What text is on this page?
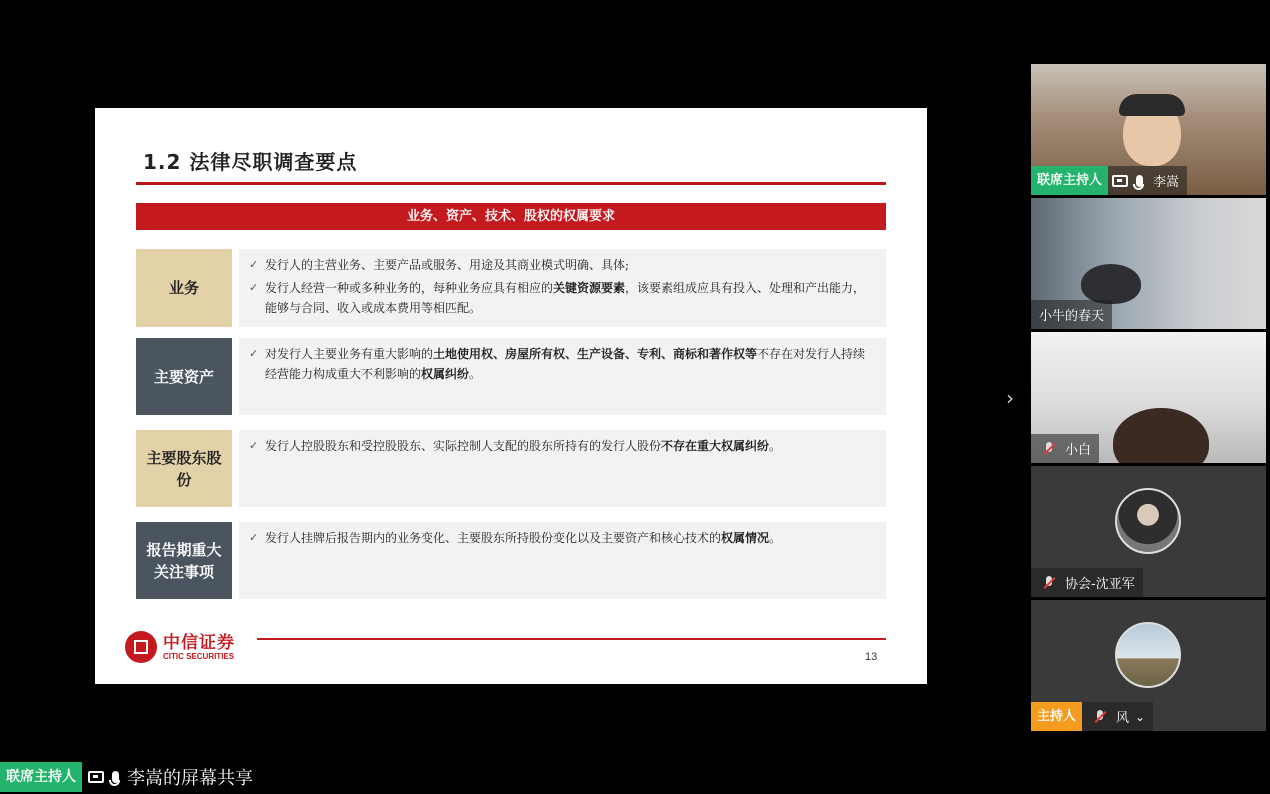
1.2 法律尽职调查要点
业务、资产、技术、股权的权属要求
业务
✓ 发行人的主营业务、主要产品或服务、用途及其商业模式明确、具体;
✓ 发行人经营一种或多种业务的，每种业务应具有相应的关键资源要素，该要素组成应具有投入、处理和产出能力，能够与合同、收入或成本费用等相匹配。
主要资产
✓ 对发行人主要业务有重大影响的土地使用权、房屋所有权、生产设备、专利、商标和著作权等不存在对发行人持续经营能力构成重大不利影响的权属纠纷。
主要股东股份
✓ 发行人控股股东和受控股股东、实际控制人支配的股东所持有的发行人股份不存在重大权属纠纷。
报告期重大关注事项
✓ 发行人挂牌后报告期内的业务变化、主要股东所持股份变化以及主要资产和核心技术的权属情况。
中信证券
CITIC SECURITIES	13
›
联席主持人	李嵩
小牛的春天
小白
协会-沈亚军
主持人	风 ⌄
联席主持人	李嵩的屏幕共享
